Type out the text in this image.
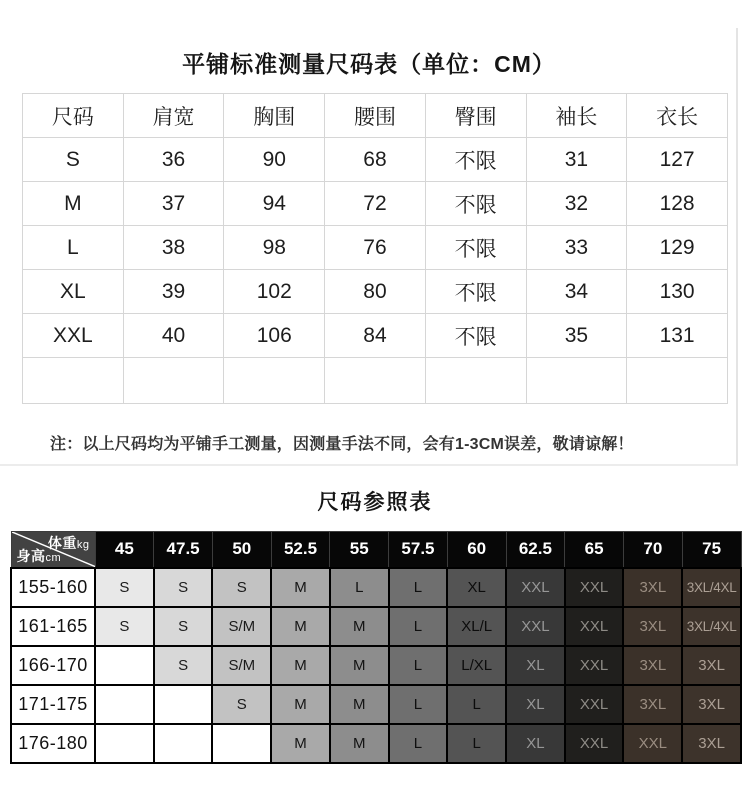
平铺标准测量尺码表（单位：CM）
尺码	肩宽	胸围	腰围	臀围	袖长	衣长
S	36	90	68	不限	31	127
M	37	94	72	不限	32	128
L	38	98	76	不限	33	129
XL	39	102	80	不限	34	130
XXL	40	106	84	不限	35	131

注：以上尺码均为平铺手工测量，因测量手法不同，会有1-3CM误差，敬请谅解！
尺码参照表
体重kg
身高cm	45	47.5	50	52.5	55	57.5	60	62.5	65	70	75
155-160	S	S	S	M	L	L	XL	XXL	XXL	3XL	3XL/4XL
161-165	S	S	S/M	M	M	L	XL/L	XXL	XXL	3XL	3XL/4XL
166-170		S	S/M	M	M	L	L/XL	XL	XXL	3XL	3XL
171-175			S	M	M	L	L	XL	XXL	3XL	3XL
176-180				M	M	L	L	XL	XXL	XXL	3XL
